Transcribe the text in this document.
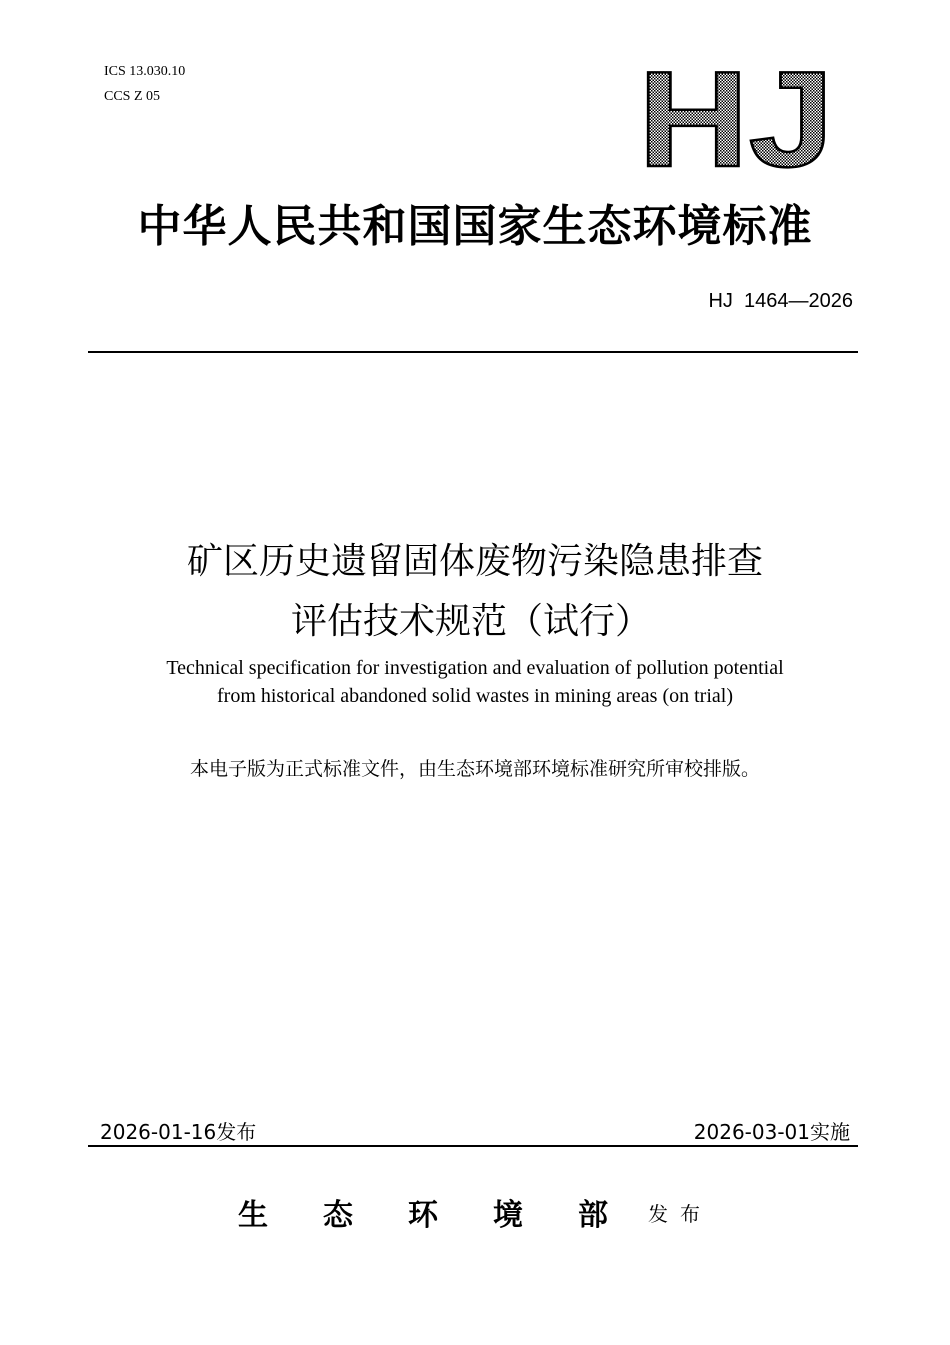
ICS 13.030.10
CCS Z 05	HJ
中华人民共和国国家生态环境标准
HJ  1464—2026
矿区历史遗留固体废物污染隐患排查
评估技术规范（试行）
Technical specification for investigation and evaluation of pollution potential
from historical abandoned solid wastes in mining areas (on trial)
本电子版为正式标准文件，由生态环境部环境标准研究所审校排版。
2026-01-16发布	2026-03-01实施
生态环境部
发布
